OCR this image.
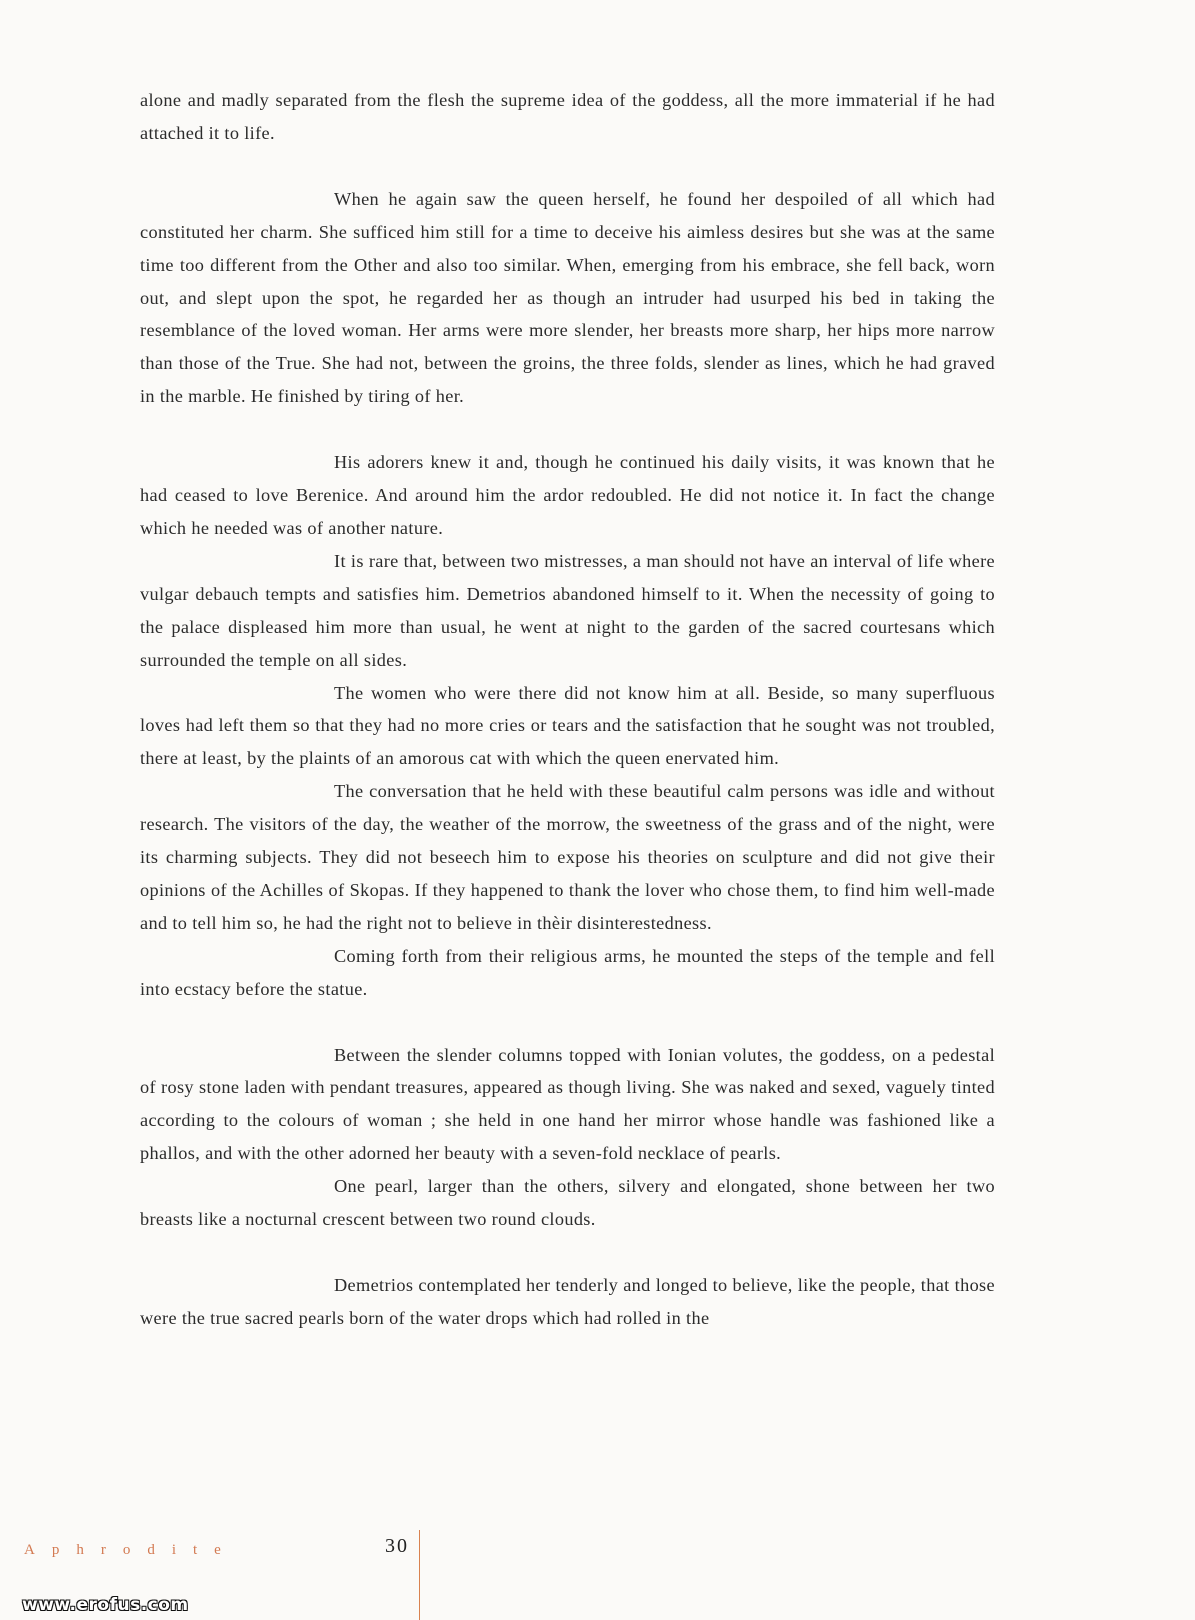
alone and madly separated from the flesh the supreme idea of the goddess, all the more immaterial if he had attached it to life.

When he again saw the queen herself, he found her despoiled of all which had constituted her charm. She sufficed him still for a time to deceive his aimless desires but she was at the same time too different from the Other and also too similar. When, emerging from his embrace, she fell back, worn out, and slept upon the spot, he regarded her as though an intruder had usurped his bed in taking the resemblance of the loved woman. Her arms were more slender, her breasts more sharp, her hips more narrow than those of the True. She had not, between the groins, the three folds, slender as lines, which he had graved in the marble. He finished by tiring of her.

His adorers knew it and, though he continued his daily visits, it was known that he had ceased to love Berenice. And around him the ardor redoubled. He did not notice it. In fact the change which he needed was of another nature.

It is rare that, between two mistresses, a man should not have an interval of life where vulgar debauch tempts and satisfies him. Demetrios abandoned himself to it. When the necessity of going to the palace displeased him more than usual, he went at night to the garden of the sacred courtesans which surrounded the temple on all sides.

The women who were there did not know him at all. Beside, so many superfluous loves had left them so that they had no more cries or tears and the satisfaction that he sought was not troubled, there at least, by the plaints of an amorous cat with which the queen enervated him.

The conversation that he held with these beautiful calm persons was idle and without research. The visitors of the day, the weather of the morrow, the sweetness of the grass and of the night, were its charming subjects. They did not beseech him to expose his theories on sculpture and did not give their opinions of the Achilles of Skopas. If they happened to thank the lover who chose them, to find him well-made and to tell him so, he had the right not to believe in thèir disinterestedness.

Coming forth from their religious arms, he mounted the steps of the temple and fell into ecstacy before the statue.

Between the slender columns topped with Ionian volutes, the goddess, on a pedestal of rosy stone laden with pendant treasures, appeared as though living. She was naked and sexed, vaguely tinted according to the colours of woman ; she held in one hand her mirror whose handle was fashioned like a phallos, and with the other adorned her beauty with a seven-fold necklace of pearls.

One pearl, larger than the others, silvery and elongated, shone between her two breasts like a nocturnal crescent between two round clouds.

Demetrios contemplated her tenderly and longed to believe, like the people, that those were the true sacred pearls born of the water drops which had rolled in the

Aphrodite	30
www.erofus.com
